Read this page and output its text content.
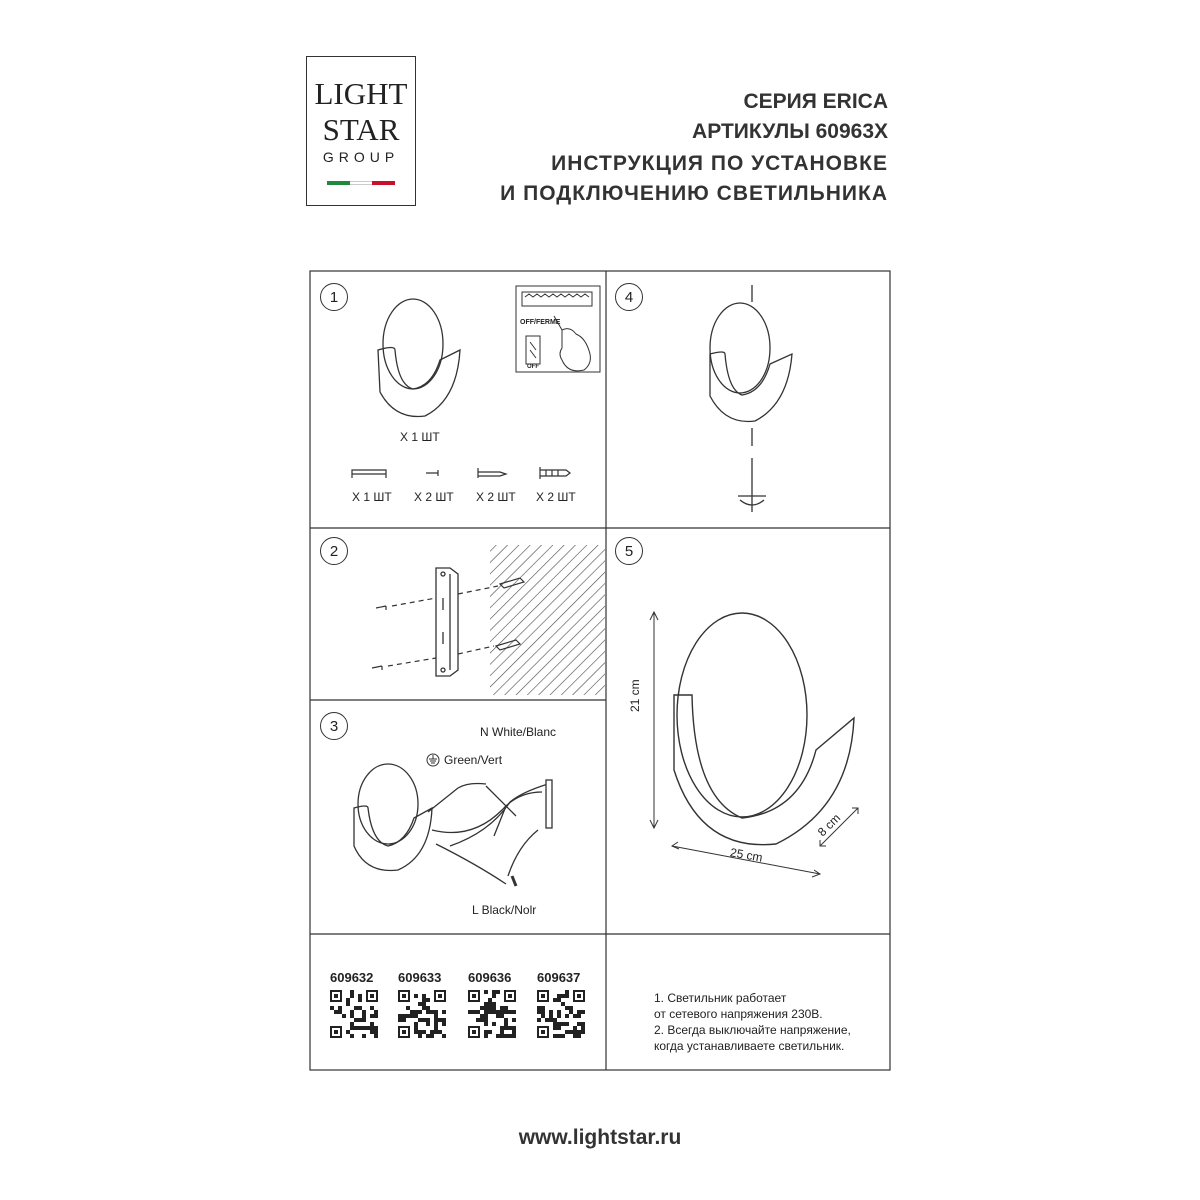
LIGHT
STAR
GROUP
СЕРИЯ ERICA
АРТИКУЛЫ 60963X
ИНСТРУКЦИЯ ПО УСТАНОВКЕ
И ПОДКЛЮЧЕНИЮ СВЕТИЛЬНИКА
1	4
2	5
3
X 1 ШТ
X 1 ШТ X 2 ШТ X 2 ШТ X 2 ШТ
OFF/FERME
OFF
N White/Blanc
Green/Vert
L Black/Nolr
21 cm
25 cm
8 cm
609632 609633 609636 609637
1. Светильник работает
от сетевого напряжения 230В.
2. Всегда выключайте напряжение,
когда устанавливаете светильник.
www.lightstar.ru
